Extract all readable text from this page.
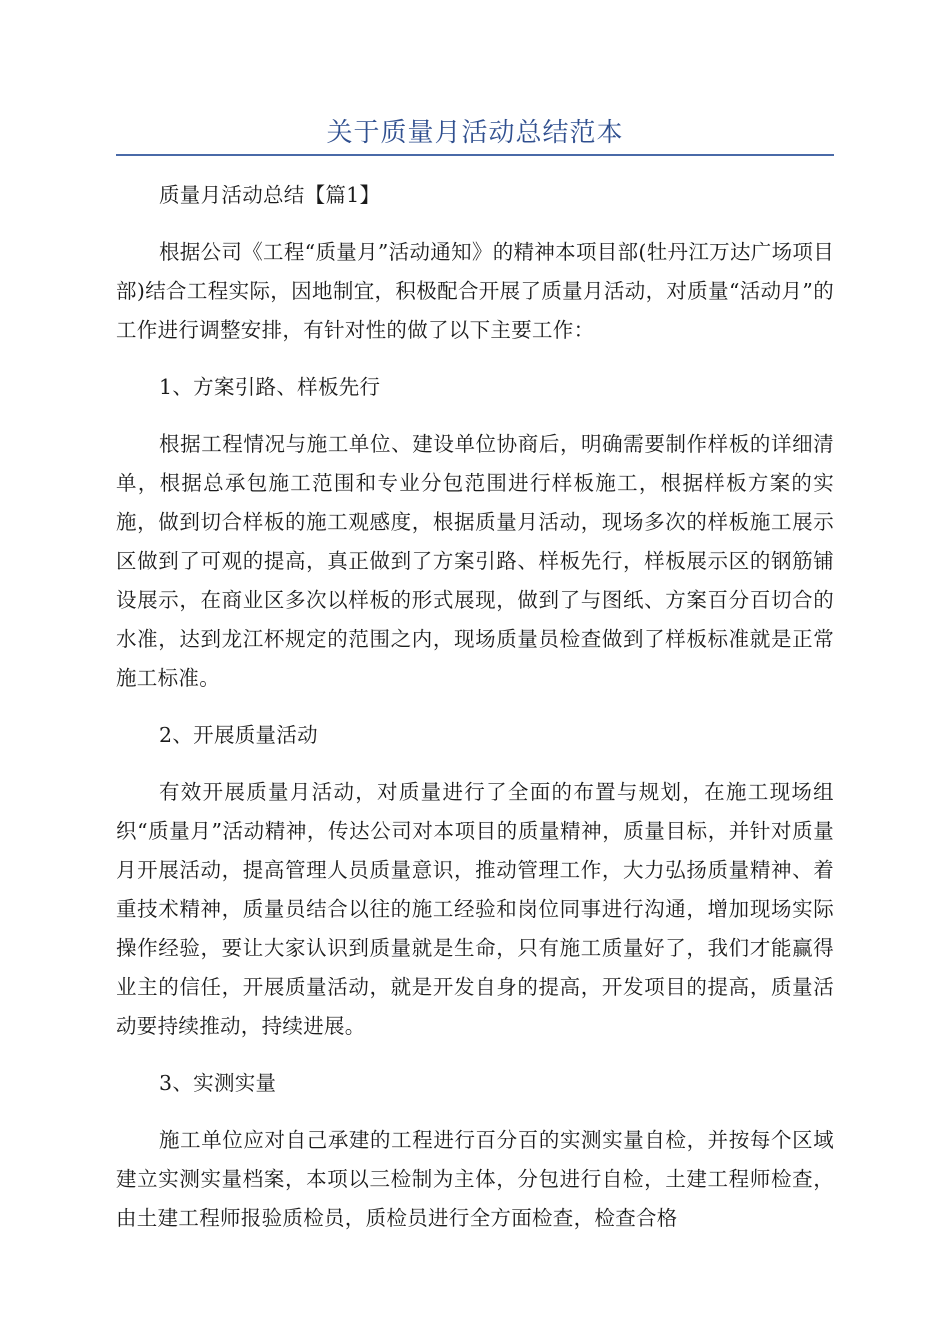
关于质量月活动总结范本

质量月活动总结【篇1】

根据公司《工程“质量月”活动通知》的精神本项目部(牡丹江万达广场项目部)结合工程实际，因地制宜，积极配合开展了质量月活动，对质量“活动月”的工作进行调整安排，有针对性的做了以下主要工作：

1、方案引路、样板先行

根据工程情况与施工单位、建设单位协商后，明确需要制作样板的详细清单，根据总承包施工范围和专业分包范围进行样板施工，根据样板方案的实施，做到切合样板的施工观感度，根据质量月活动，现场多次的样板施工展示区做到了可观的提高，真正做到了方案引路、样板先行，样板展示区的钢筋铺设展示，在商业区多次以样板的形式展现，做到了与图纸、方案百分百切合的水准，达到龙江杯规定的范围之内，现场质量员检查做到了样板标准就是正常施工标准。

2、开展质量活动

有效开展质量月活动，对质量进行了全面的布置与规划，在施工现场组织“质量月”活动精神，传达公司对本项目的质量精神，质量目标，并针对质量月开展活动，提高管理人员质量意识，推动管理工作，大力弘扬质量精神、着重技术精神，质量员结合以往的施工经验和岗位同事进行沟通，增加现场实际操作经验，要让大家认识到质量就是生命，只有施工质量好了，我们才能赢得业主的信任，开展质量活动，就是开发自身的提高，开发项目的提高，质量活动要持续推动，持续进展。

3、实测实量

施工单位应对自己承建的工程进行百分百的实测实量自检，并按每个区域建立实测实量档案，本项以三检制为主体，分包进行自检，土建工程师检查，由土建工程师报验质检员，质检员进行全方面检查，检查合格
